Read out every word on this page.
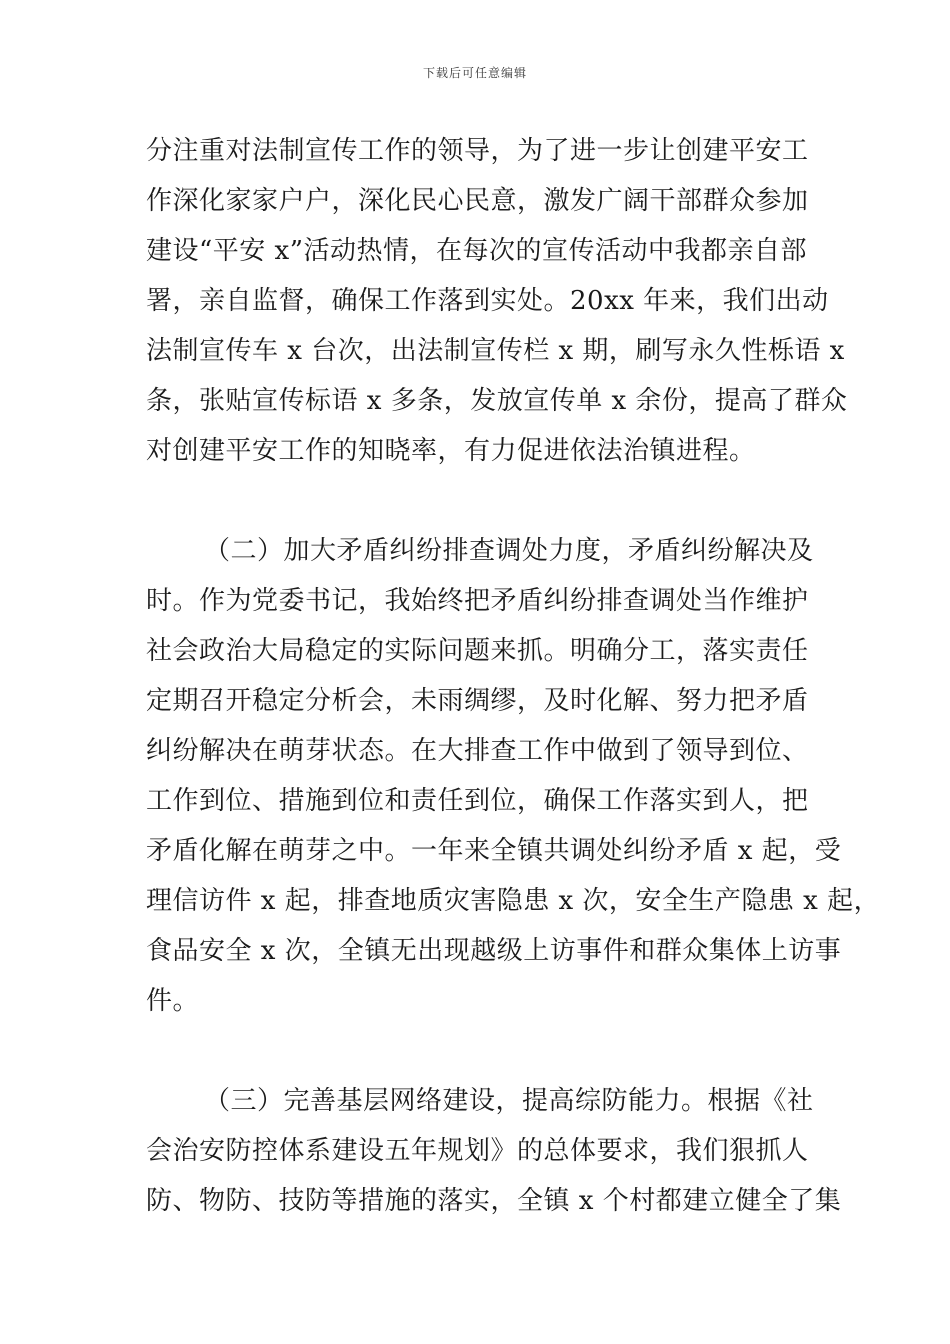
下载后可任意编辑
分注重对法制宣传工作的领导，为了进一步让创建平安工
作深化家家户户，深化民心民意，激发广阔干部群众参加
建设“平安 x”活动热情，在每次的宣传活动中我都亲自部
署，亲自监督，确保工作落到实处。20xx 年来，我们出动
法制宣传车 x 台次，出法制宣传栏 x 期，刷写永久性栎语 x
条，张贴宣传标语 x 多条，发放宣传单 x 余份，提高了群众
对创建平安工作的知晓率，有力促进依法治镇进程。
（二）加大矛盾纠纷排查调处力度，矛盾纠纷解决及
时。作为党委书记，我始终把矛盾纠纷排查调处当作维护
社会政治大局稳定的实际问题来抓。明确分工，落实责任
定期召开稳定分析会，未雨绸缪，及时化解、努力把矛盾
纠纷解决在萌芽状态。在大排查工作中做到了领导到位、
工作到位、措施到位和责任到位，确保工作落实到人，把
矛盾化解在萌芽之中。一年来全镇共调处纠纷矛盾 x 起，受
理信访件 x 起，排查地质灾害隐患 x 次，安全生产隐患 x 起，
食品安全 x 次，全镇无出现越级上访事件和群众集体上访事
件。
（三）完善基层网络建设，提高综防能力。根据《社
会治安防控体系建设五年规划》的总体要求，我们狠抓人
防、物防、技防等措施的落实，全镇 x 个村都建立健全了集
